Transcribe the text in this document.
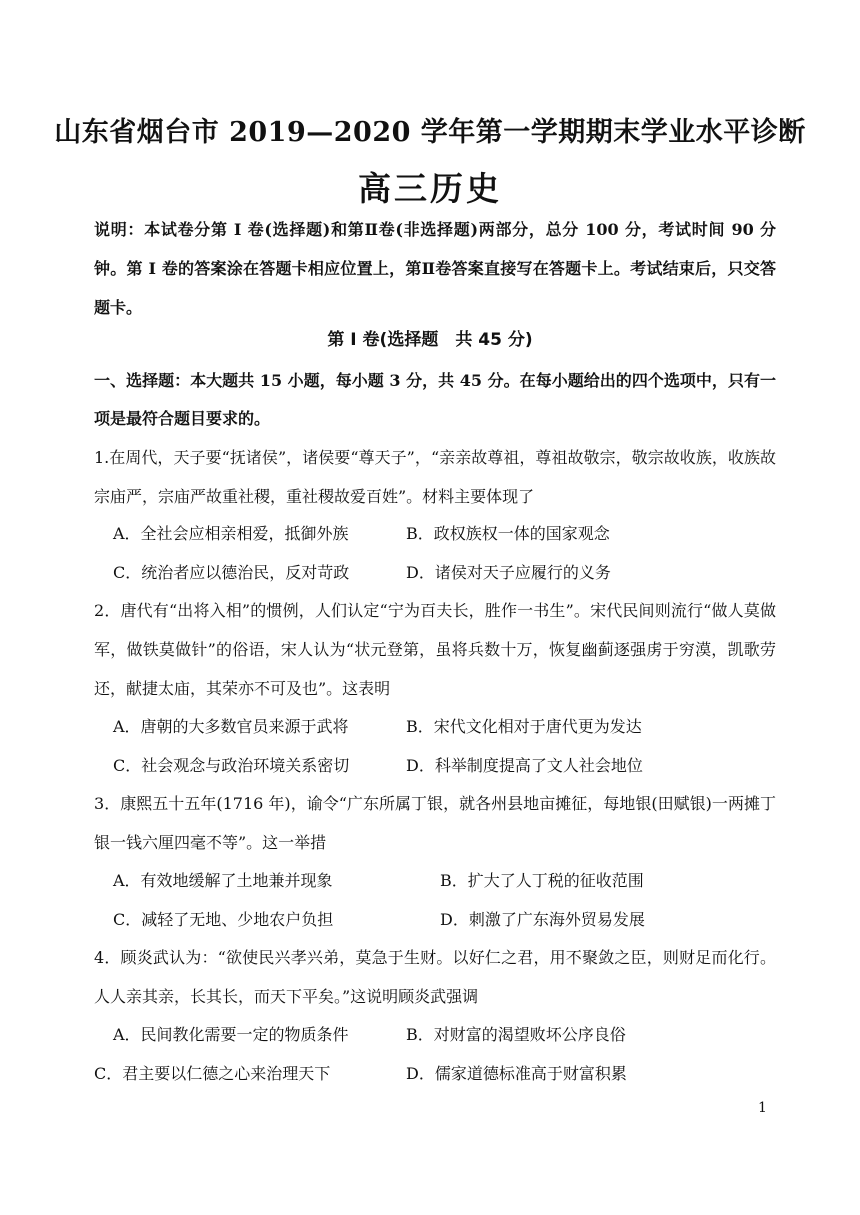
山东省烟台市 2019—2020 学年第一学期期末学业水平诊断
高三历史
说明：本试卷分第 I 卷(选择题)和第Ⅱ卷(非选择题)两部分，总分 100 分，考试时间 90 分钟。第 I 卷的答案涂在答题卡相应位置上，第Ⅱ卷答案直接写在答题卡上。考试结束后，只交答题卡。
第 Ⅰ 卷(选择题　共 45 分)
一、选择题：本大题共 15 小题，每小题 3 分，共 45 分。在每小题给出的四个选项中，只有一项是最符合题目要求的。
1.在周代，天子要“抚诸侯”，诸侯要“尊天子”，“亲亲故尊祖，尊祖故敬宗，敬宗故收族，收族故宗庙严，宗庙严故重社稷，重社稷故爱百姓”。材料主要体现了
A．全社会应相亲相爱，抵御外族	B．政权族权一体的国家观念
C．统治者应以德治民，反对苛政	D．诸侯对天子应履行的义务
2．唐代有“出将入相”的惯例，人们认定“宁为百夫长，胜作一书生”。宋代民间则流行“做人莫做军，做铁莫做针”的俗语，宋人认为“状元登第，虽将兵数十万，恢复幽蓟逐强虏于穷漠，凯歌劳还，献捷太庙，其荣亦不可及也”。这表明
A．唐朝的大多数官员来源于武将	B．宋代文化相对于唐代更为发达
C．社会观念与政治环境关系密切	D．科举制度提高了文人社会地位
3．康熙五十五年(1716 年)，谕令“广东所属丁银，就各州县地亩摊征，每地银(田赋银)一两摊丁银一钱六厘四毫不等”。这一举措
A．有效地缓解了土地兼并现象	B．扩大了人丁税的征收范围
C．减轻了无地、少地农户负担	D．刺激了广东海外贸易发展
4．顾炎武认为：“欲使民兴孝兴弟，莫急于生财。以好仁之君，用不聚敛之臣，则财足而化行。人人亲其亲，长其长，而天下平矣。”这说明顾炎武强调
A．民间教化需要一定的物质条件	B．对财富的渴望败坏公序良俗
C．君主要以仁德之心来治理天下	D．儒家道德标准高于财富积累
1
